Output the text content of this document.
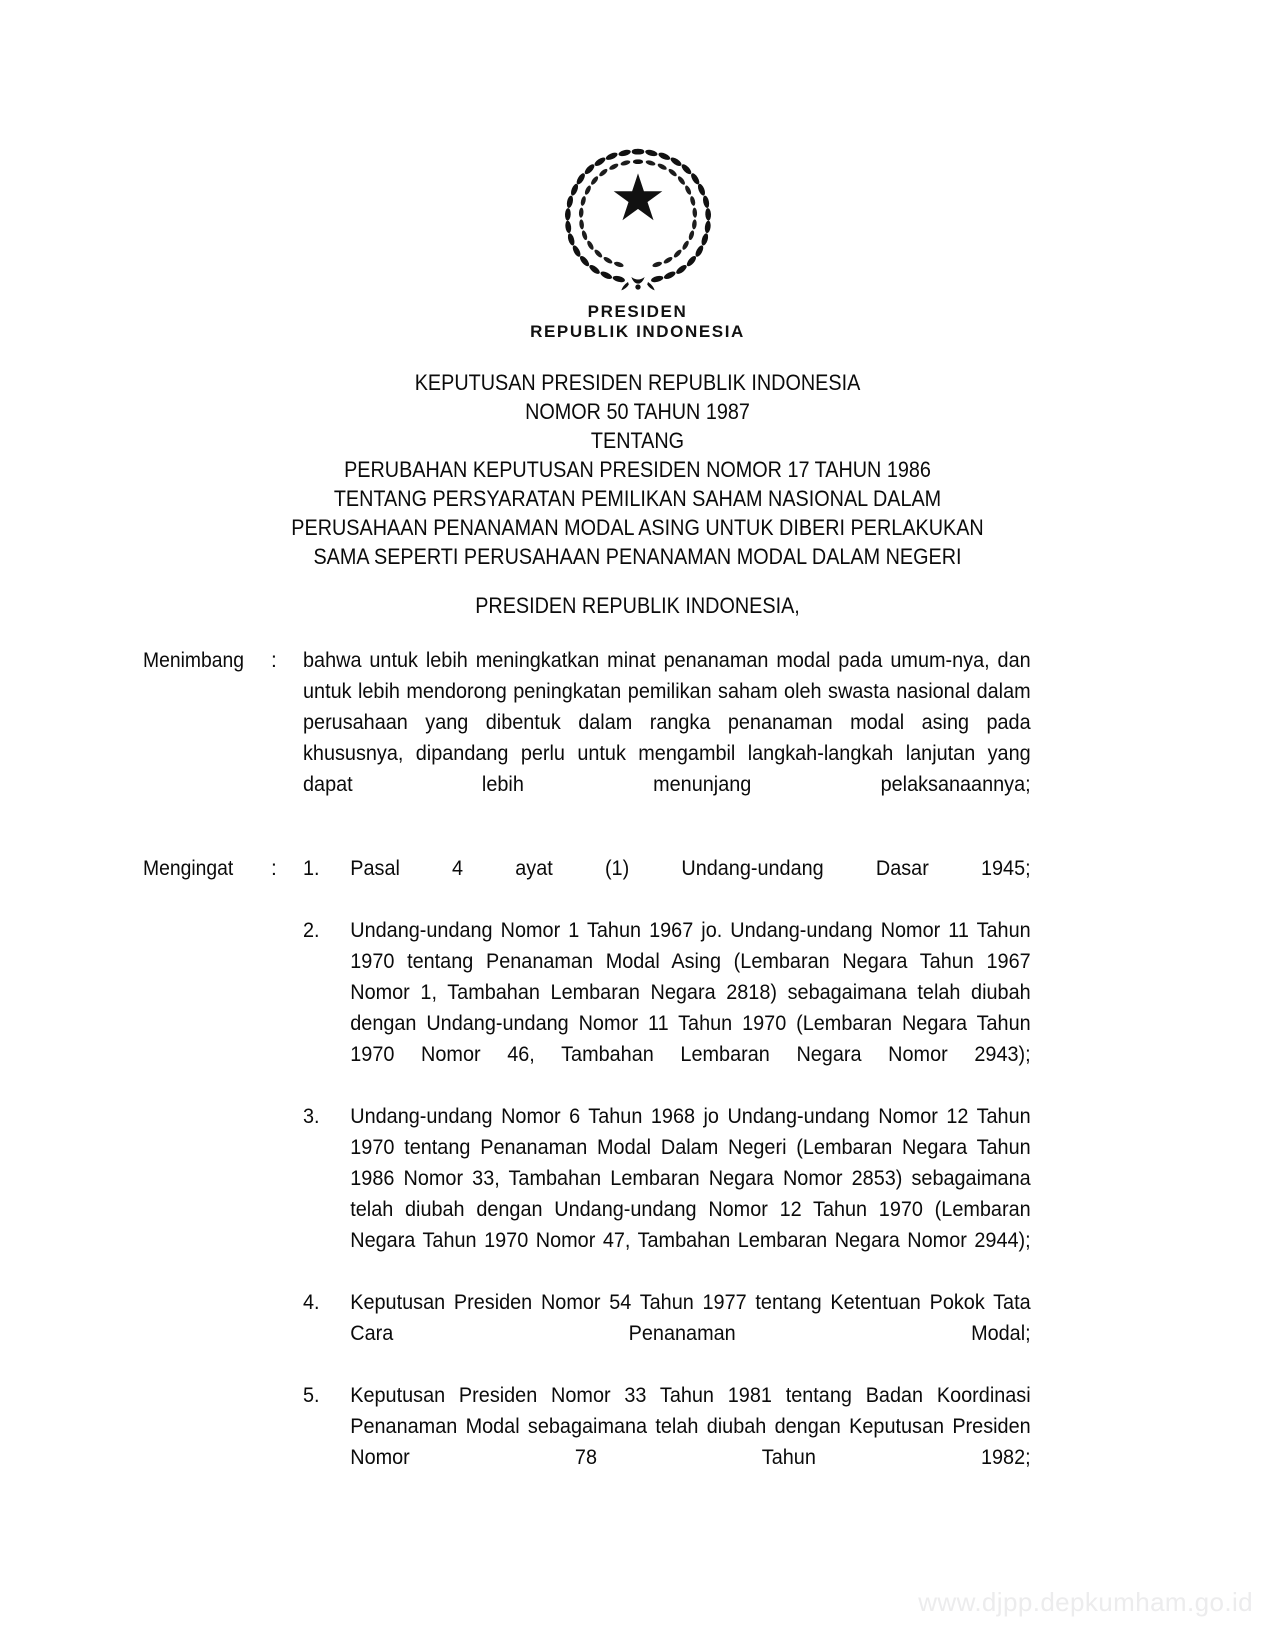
PRESIDEN
REPUBLIK INDONESIA
KEPUTUSAN PRESIDEN REPUBLIK INDONESIA
NOMOR 50 TAHUN 1987
TENTANG
PERUBAHAN KEPUTUSAN PRESIDEN NOMOR 17 TAHUN 1986
TENTANG PERSYARATAN PEMILIKAN SAHAM NASIONAL DALAM
PERUSAHAAN PENANAMAN MODAL ASING UNTUK DIBERI PERLAKUKAN
SAMA SEPERTI PERUSAHAAN PENANAMAN MODAL DALAM NEGERI
PRESIDEN REPUBLIK INDONESIA,
Menimbang	:	bahwa untuk lebih meningkatkan minat penanaman modal pada umum-nya, dan untuk lebih mendorong peningkatan pemilikan saham oleh swasta nasional dalam perusahaan yang dibentuk dalam rangka penanaman modal asing pada khususnya, dipandang perlu untuk mengambil langkah-langkah lanjutan yang dapat lebih menunjang pelaksanaannya;

Mengingat	:	1.	Pasal 4 ayat (1) Undang-undang Dasar 1945;
2.	Undang-undang Nomor 1 Tahun 1967 jo. Undang-undang Nomor 11 Tahun 1970 tentang Penanaman Modal Asing (Lembaran Negara Tahun 1967 Nomor 1, Tambahan Lembaran Negara 2818) sebagaimana telah diubah dengan Undang-undang Nomor 11 Tahun 1970 (Lembaran Negara Tahun 1970 Nomor 46, Tambahan Lembaran Negara Nomor 2943);
3.	Undang-undang Nomor 6 Tahun 1968 jo Undang-undang Nomor 12 Tahun 1970 tentang Penanaman Modal Dalam Negeri (Lembaran Negara Tahun 1986 Nomor 33, Tambahan Lembaran Negara Nomor 2853) sebagaimana telah diubah dengan Undang-undang Nomor 12 Tahun 1970 (Lembaran Negara Tahun 1970 Nomor 47, Tambahan Lembaran Negara Nomor 2944);
4.	Keputusan Presiden Nomor 54 Tahun 1977 tentang Ketentuan Pokok Tata Cara Penanaman Modal;
5.	Keputusan Presiden Nomor 33 Tahun 1981 tentang Badan Koordinasi Penanaman Modal sebagaimana telah diubah dengan Keputusan Presiden Nomor 78 Tahun 1982;
www.djpp.depkumham.go.id
